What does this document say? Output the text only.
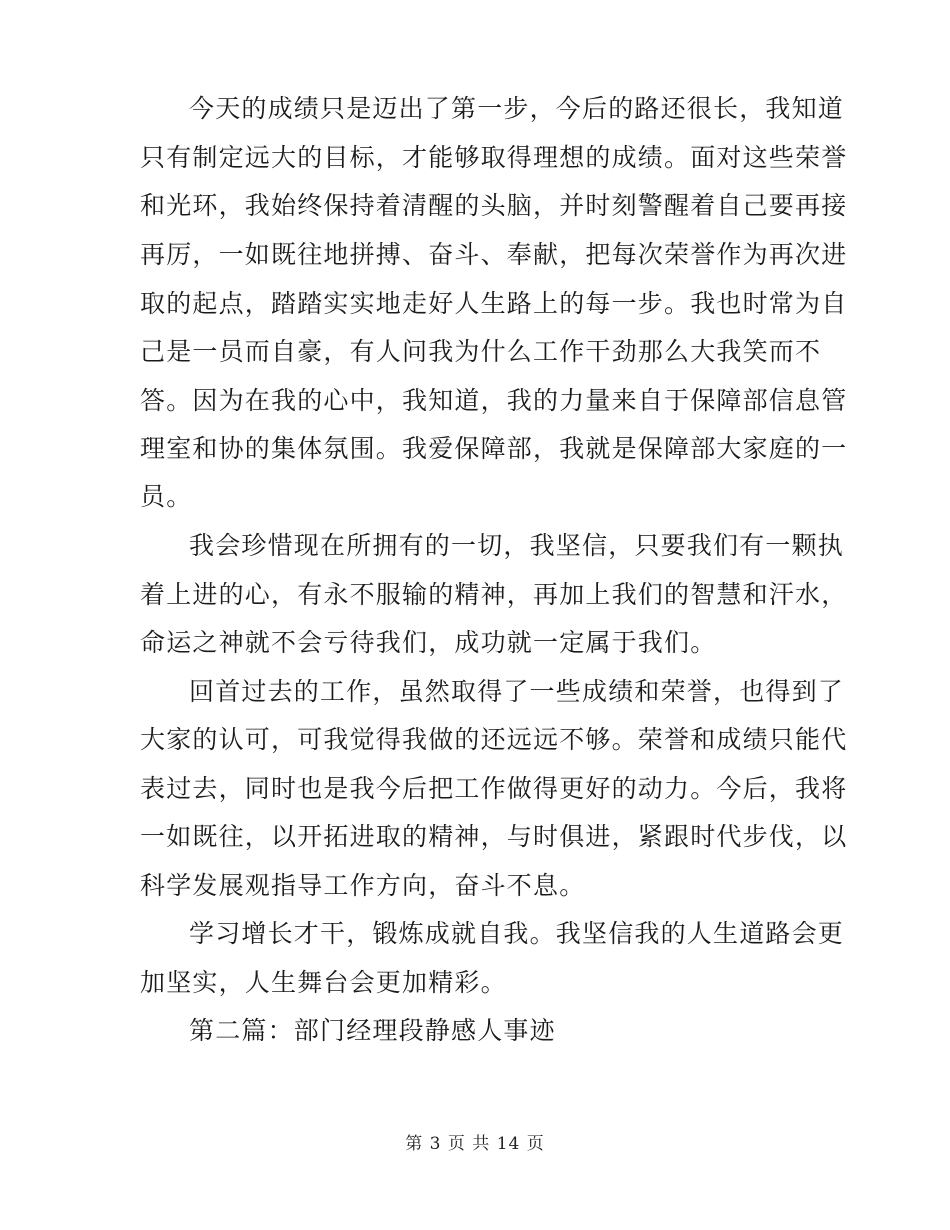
今天的成绩只是迈出了第一步，今后的路还很长，我知道
只有制定远大的目标，才能够取得理想的成绩。面对这些荣誉
和光环，我始终保持着清醒的头脑，并时刻警醒着自己要再接
再厉，一如既往地拼搏、奋斗、奉献，把每次荣誉作为再次进
取的起点，踏踏实实地走好人生路上的每一步。我也时常为自
己是一员而自豪，有人问我为什么工作干劲那么大我笑而不
答。因为在我的心中，我知道，我的力量来自于保障部信息管
理室和协的集体氛围。我爱保障部，我就是保障部大家庭的一
员。
我会珍惜现在所拥有的一切，我坚信，只要我们有一颗执
着上进的心，有永不服输的精神，再加上我们的智慧和汗水，
命运之神就不会亏待我们，成功就一定属于我们。
回首过去的工作，虽然取得了一些成绩和荣誉，也得到了
大家的认可，可我觉得我做的还远远不够。荣誉和成绩只能代
表过去，同时也是我今后把工作做得更好的动力。今后，我将
一如既往，以开拓进取的精神，与时俱进，紧跟时代步伐，以
科学发展观指导工作方向，奋斗不息。
学习增长才干，锻炼成就自我。我坚信我的人生道路会更
加坚实，人生舞台会更加精彩。
第二篇：部门经理段静感人事迹
第 3 页 共 14 页
